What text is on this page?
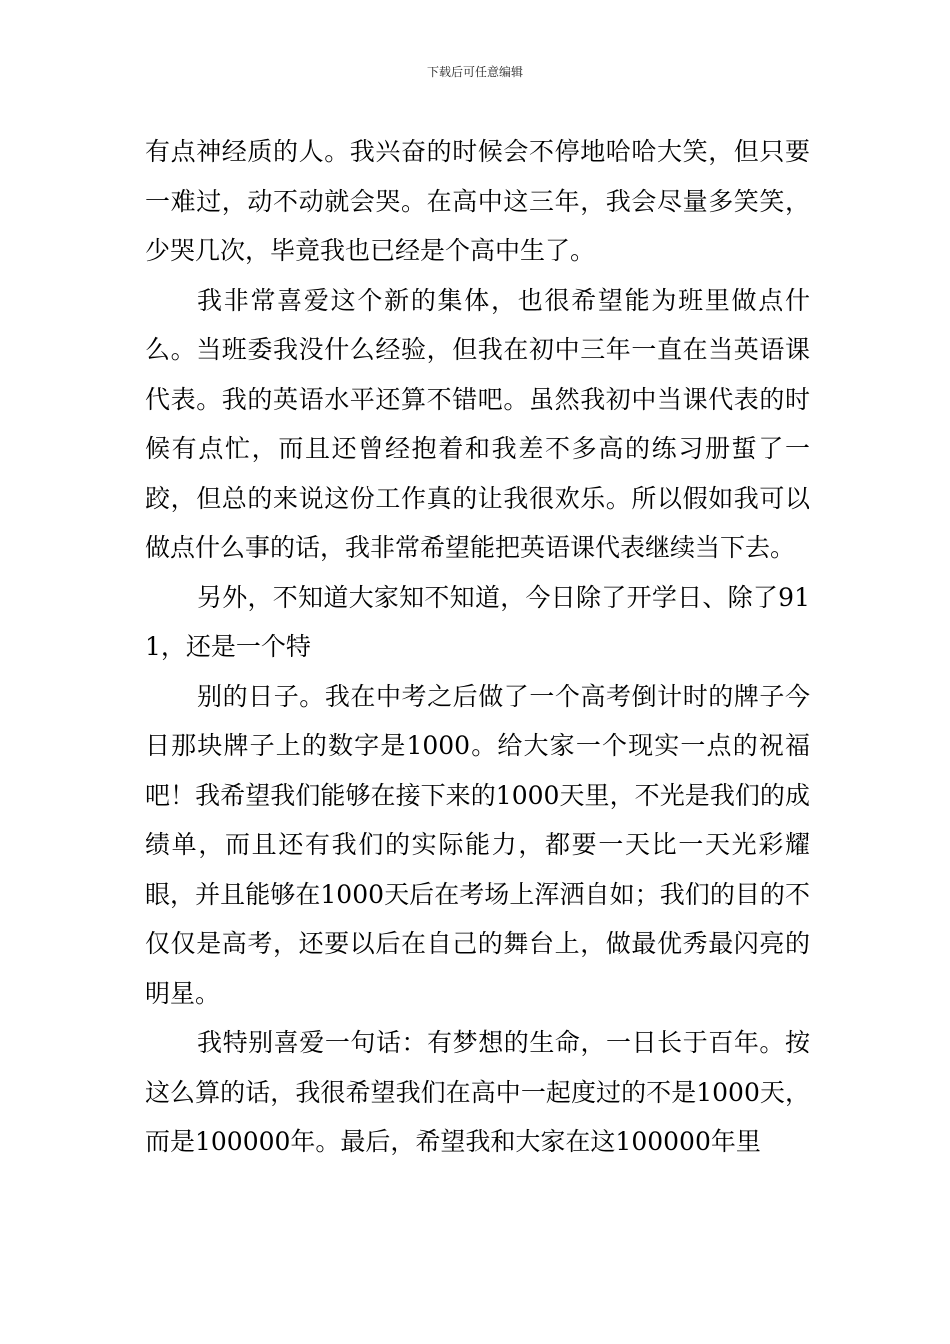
下载后可任意编辑

有点神经质的人。我兴奋的时候会不停地哈哈大笑，但只要一难过，动不动就会哭。在高中这三年，我会尽量多笑笑，少哭几次，毕竟我也已经是个高中生了。

我非常喜爱这个新的集体，也很希望能为班里做点什么。当班委我没什么经验，但我在初中三年一直在当英语课代表。我的英语水平还算不错吧。虽然我初中当课代表的时候有点忙，而且还曾经抱着和我差不多高的练习册蜇了一跤，但总的来说这份工作真的让我很欢乐。所以假如我可以做点什么事的话，我非常希望能把英语课代表继续当下去。

另外，不知道大家知不知道，今日除了开学日、除了911，还是一个特

别的日子。我在中考之后做了一个高考倒计时的牌子今日那块牌子上的数字是1000。给大家一个现实一点的祝福吧！我希望我们能够在接下来的1000天里，不光是我们的成绩单，而且还有我们的实际能力，都要一天比一天光彩耀眼，并且能够在1000天后在考场上浑洒自如；我们的目的不仅仅是高考，还要以后在自己的舞台上，做最优秀最闪亮的明星。

我特别喜爱一句话：有梦想的生命，一日长于百年。按这么算的话，我很希望我们在高中一起度过的不是1000天，而是100000年。最后，希望我和大家在这100000年里
